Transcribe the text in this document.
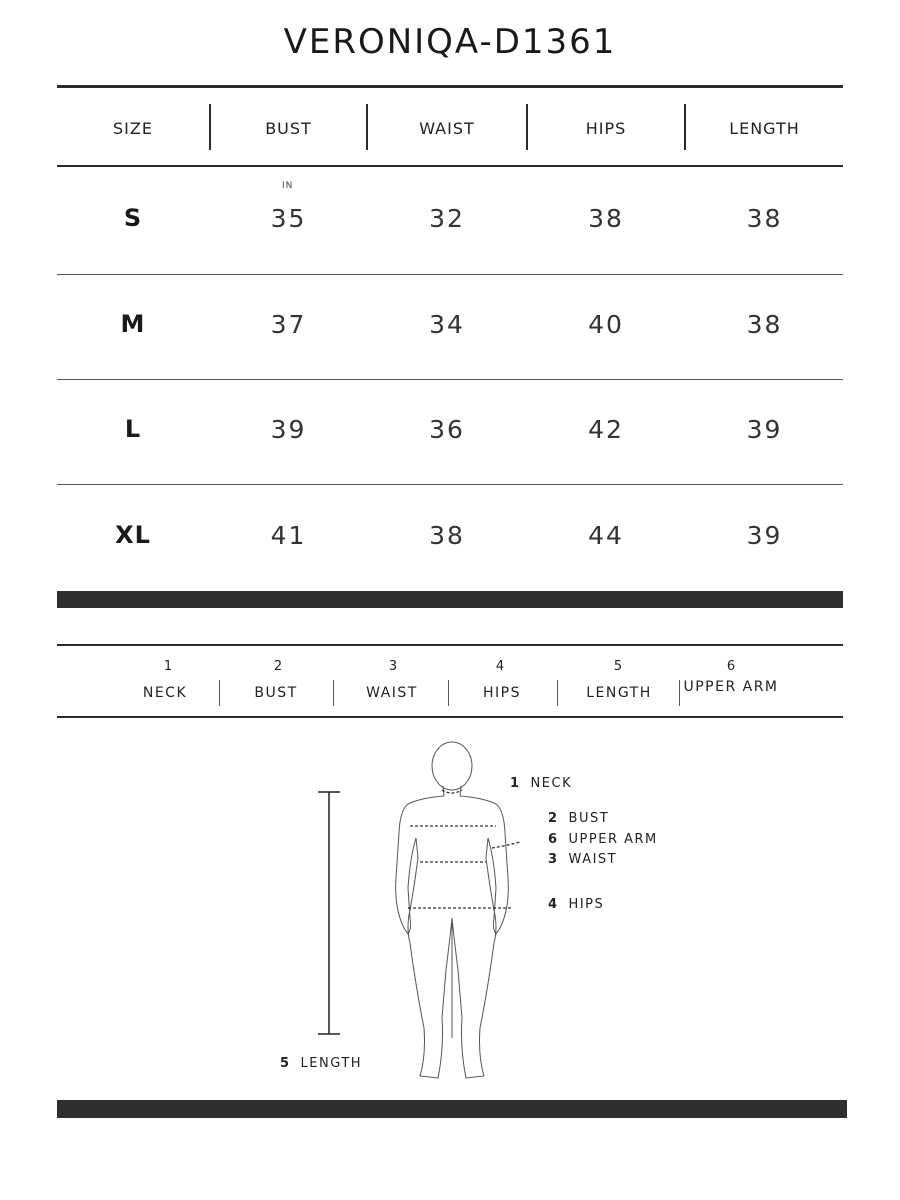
VERONIQA-D1361
SIZE	BUST	WAIST	HIPS	LENGTH
IN
S	35	32	38	38
M	37	34	40	38
L	39	36	42	39
XL	41	38	44	39
1
NECK
2
BUST
3
WAIST
4
HIPS
5
LENGTH
6
UPPER ARM
1 NECK
2 BUST
6 UPPER ARM
3 WAIST
4 HIPS
5 LENGTH
